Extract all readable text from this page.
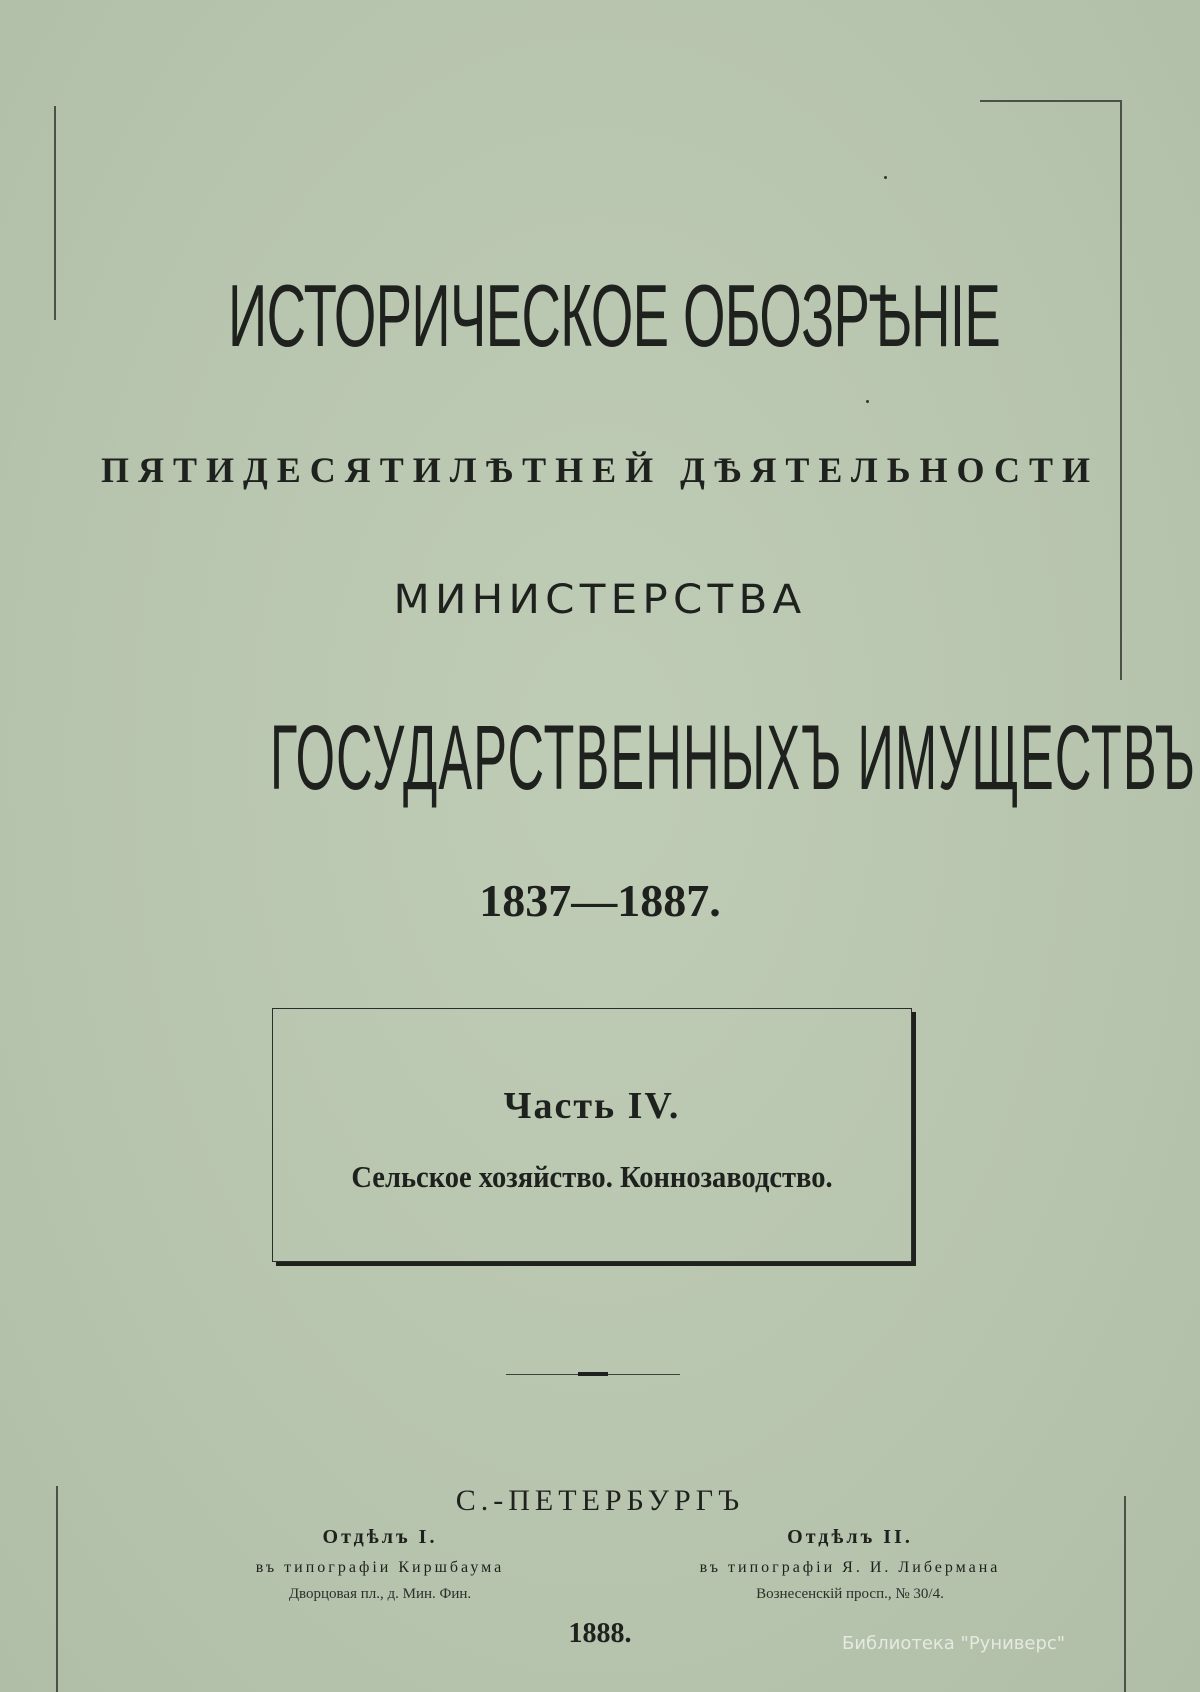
ИСТОРИЧЕСКОЕ ОБОЗРѢНІЕ
ПЯТИДЕСЯТИЛѢТНЕЙ ДѢЯТЕЛЬНОСТИ
МИНИСТЕРСТВА
ГОСУДАРСТВЕННЫХЪ ИМУЩЕСТВЪ
1837—1887.
Часть IV.
Сельское хозяйство. Коннозаводство.
С.-ПЕТЕРБУРГЪ
Отдѣлъ I.
въ типографіи Киршбаума
Дворцовая пл., д. Мин. Фин.
Отдѣлъ II.
въ типографіи Я. И. Либермана
Вознесенскій просп., № 30/4.
1888.	Библиотека "Руниверс"
